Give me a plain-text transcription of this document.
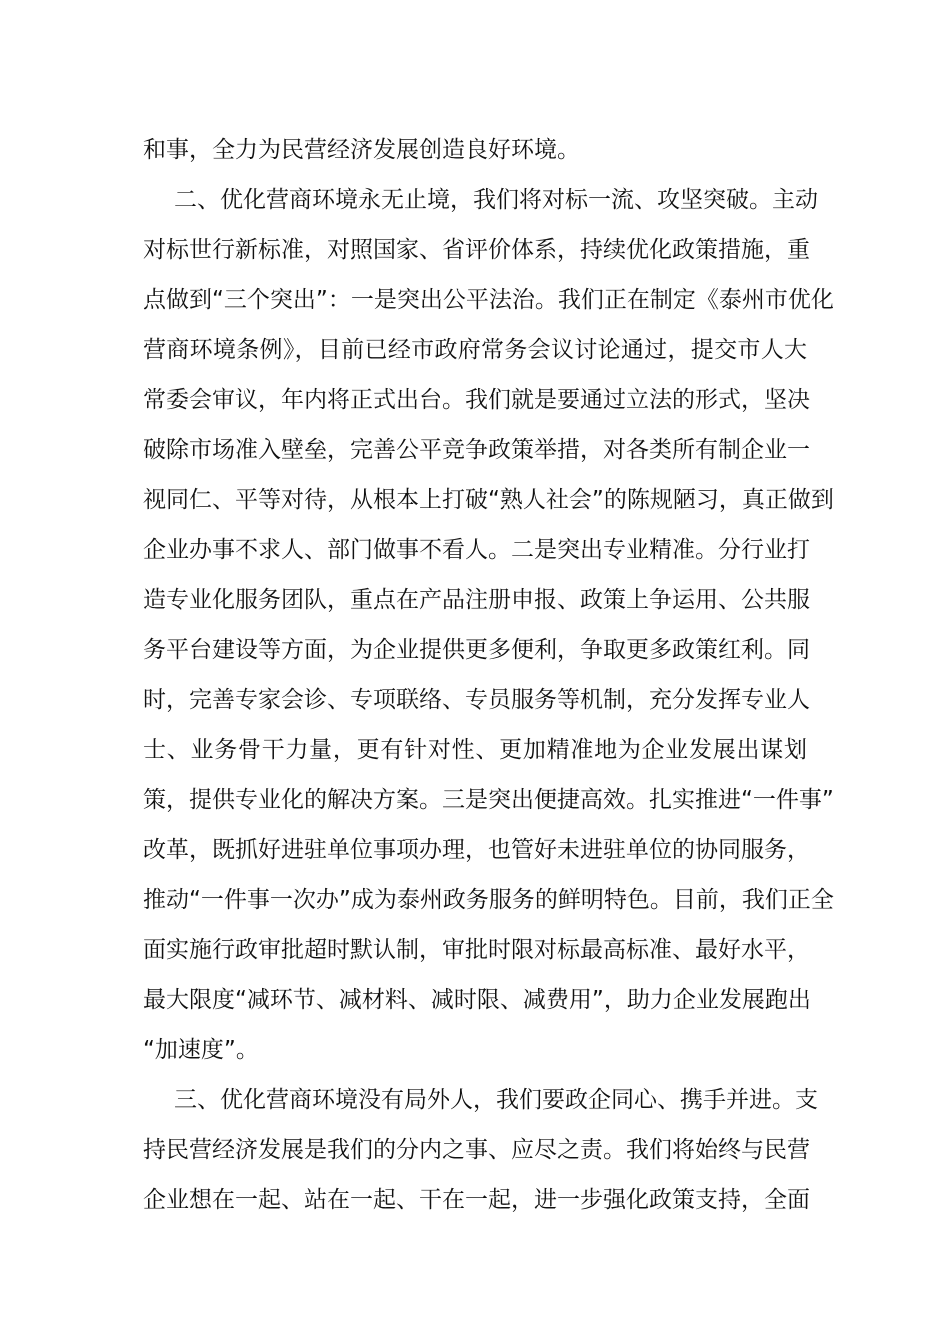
和事，全力为民营经济发展创造良好环境。
二、优化营商环境永无止境，我们将对标一流、攻坚突破。主动
对标世行新标准，对照国家、省评价体系，持续优化政策措施，重
点做到“三个突出”：一是突出公平法治。我们正在制定《泰州市优化
营商环境条例》，目前已经市政府常务会议讨论通过，提交市人大
常委会审议，年内将正式出台。我们就是要通过立法的形式，坚决
破除市场准入壁垒，完善公平竞争政策举措，对各类所有制企业一
视同仁、平等对待，从根本上打破“熟人社会”的陈规陋习，真正做到
企业办事不求人、部门做事不看人。二是突出专业精准。分行业打
造专业化服务团队，重点在产品注册申报、政策上争运用、公共服
务平台建设等方面，为企业提供更多便利，争取更多政策红利。同
时，完善专家会诊、专项联络、专员服务等机制，充分发挥专业人
士、业务骨干力量，更有针对性、更加精准地为企业发展出谋划
策，提供专业化的解决方案。三是突出便捷高效。扎实推进“一件事”
改革，既抓好进驻单位事项办理，也管好未进驻单位的协同服务，
推动“一件事一次办”成为泰州政务服务的鲜明特色。目前，我们正全
面实施行政审批超时默认制，审批时限对标最高标准、最好水平，
最大限度“减环节、减材料、减时限、减费用”，助力企业发展跑出
“加速度”。
三、优化营商环境没有局外人，我们要政企同心、携手并进。支
持民营经济发展是我们的分内之事、应尽之责。我们将始终与民营
企业想在一起、站在一起、干在一起，进一步强化政策支持，全面
